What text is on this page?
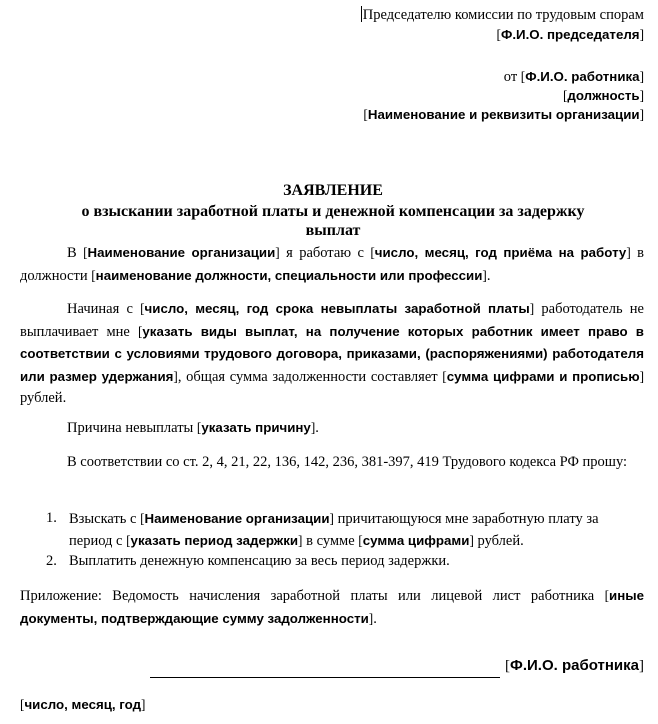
Председателю комиссии по трудовым спорам
[Ф.И.О. председателя]
от [Ф.И.О. работника]
[должность]
[Наименование и реквизиты организации]
ЗАЯВЛЕНИЕ
о взыскании заработной платы и денежной компенсации за задержку
выплат
В [Наименование организации] я работаю с [число, месяц, год приёма на работу] в должности [наименование должности, специальности или профессии].
Начиная с [число, месяц, год срока невыплаты заработной платы] работодатель не выплачивает мне [указать виды выплат, на получение которых работник имеет право в соответствии с условиями трудового договора, приказами, (распоряжениями) работодателя или размер удержания], общая сумма задолженности составляет [сумма цифрами и прописью] рублей.
Причина невыплаты [указать причину].
В соответствии со ст. 2, 4, 21, 22, 136, 142, 236, 381-397, 419 Трудового кодекса РФ прошу:
1. Взыскать с [Наименование организации] причитающуюся мне заработную плату за период с [указать период задержки] в сумме [сумма цифрами] рублей.
2. Выплатить денежную компенсацию за весь период задержки.
Приложение: Ведомость начисления заработной платы или лицевой лист работника [иные документы, подтверждающие сумму задолженности].
[Ф.И.О. работника]
[число, месяц, год]
